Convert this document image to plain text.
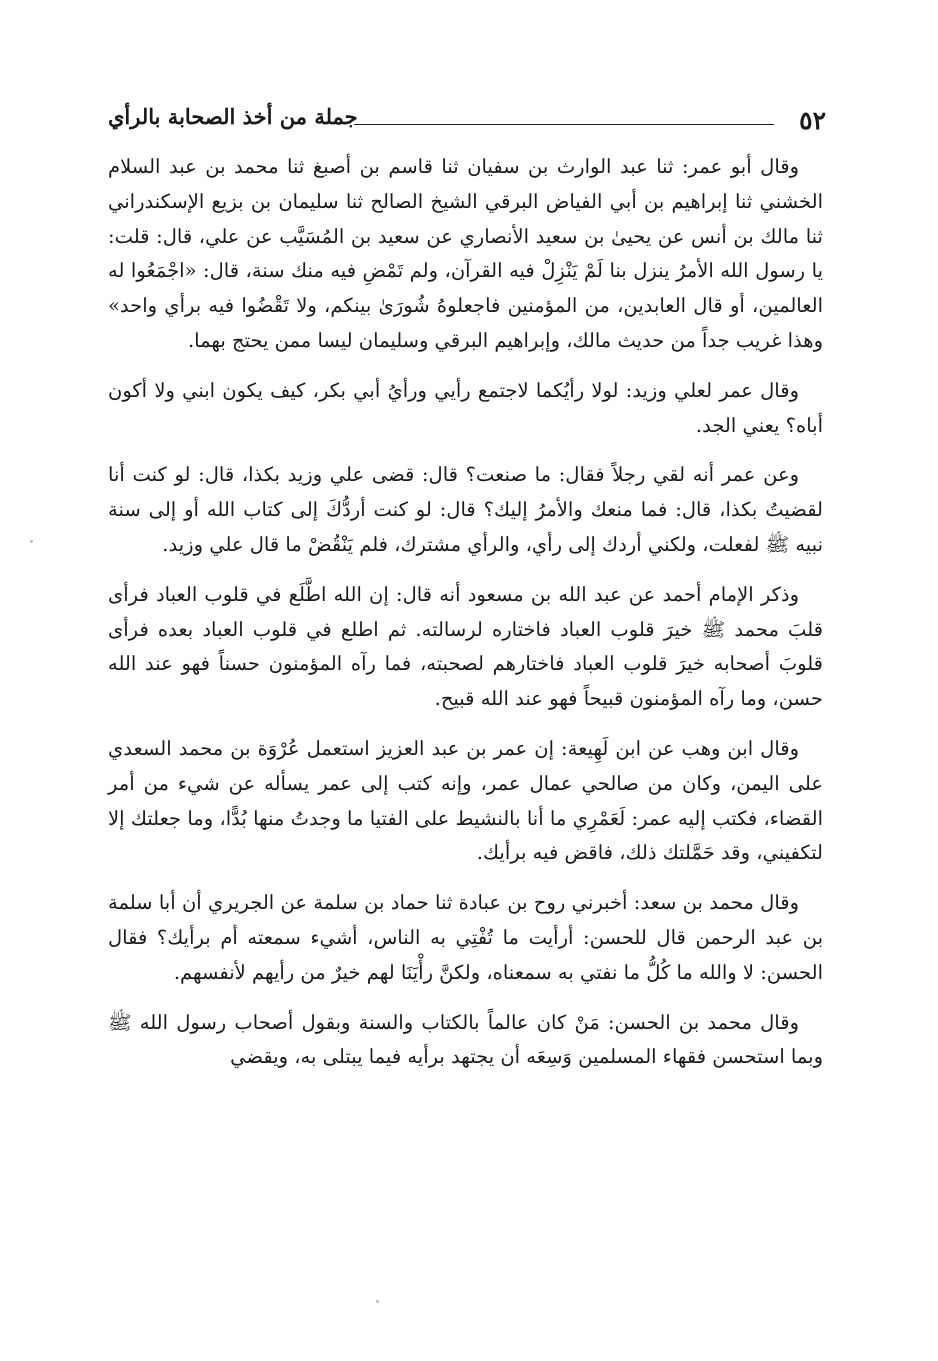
٥٢
جملة من أخذ الصحابة بالرأي

وقال أبو عمر: ثنا عبد الوارث بن سفيان ثنا قاسم بن أصبغ ثنا محمد بن عبد السلام الخشني ثنا إبراهيم بن أبي الفياض البرقي الشيخ الصالح ثنا سليمان بن بزيع الإسكندراني ثنا مالك بن أنس عن يحيىٰ بن سعيد الأنصاري عن سعيد بن المُسَيَّب عن علي، قال: قلت: يا رسول الله الأمرُ ينزل بنا لَمْ يَنْزِلْ فيه القرآن، ولم تَمْضِ فيه منك سنة، قال: «اجْمَعُوا له العالمين، أو قال العابدين، من المؤمنين فاجعلوهُ شُورَىٰ بينكم، ولا تَقْضُوا فيه برأي واحد» وهذا غريب جداً من حديث مالك، وإبراهيم البرقي وسليمان ليسا ممن يحتج بهما.

وقال عمر لعلي وزيد: لولا رأيُكما لاجتمع رأيي ورأيُ أبي بكر، كيف يكون ابني ولا أكون أباه؟ يعني الجد.

وعن عمر أنه لقي رجلاً فقال: ما صنعت؟ قال: قضى علي وزيد بكذا، قال: لو كنت أنا لقضيتُ بكذا، قال: فما منعك والأمرُ إليك؟ قال: لو كنت أردُّكَ إلى كتاب الله أو إلى سنة نبيه ﷺ لفعلت، ولكني أردك إلى رأي، والرأي مشترك، فلم يَنْقُضْ ما قال علي وزيد.

وذكر الإمام أحمد عن عبد الله بن مسعود أنه قال: إن الله اطَّلَع في قلوب العباد فرأى قلبَ محمد ﷺ خيرَ قلوب العباد فاختاره لرسالته. ثم اطلع في قلوب العباد بعده فرأى قلوبَ أصحابه خيرَ قلوب العباد فاختارهم لصحبته، فما رآه المؤمنون حسناً فهو عند الله حسن، وما رآه المؤمنون قبيحاً فهو عند الله قبيح.

وقال ابن وهب عن ابن لَهِيعة: إن عمر بن عبد العزيز استعمل عُرْوَة بن محمد السعدي على اليمن، وكان من صالحي عمال عمر، وإنه كتب إلى عمر يسأله عن شيء من أمر القضاء، فكتب إليه عمر: لَعَمْرِي ما أنا بالنشيط على الفتيا ما وجدتُ منها بُدًّا، وما جعلتك إلا لتكفيني، وقد حَمَّلتك ذلك، فاقض فيه برأيك.

وقال محمد بن سعد: أخبرني روح بن عبادة ثنا حماد بن سلمة عن الجريري أن أبا سلمة بن عبد الرحمن قال للحسن: أرأيت ما تُفْتِي به الناس، أشيء سمعته أم برأيك؟ فقال الحسن: لا والله ما كُلُّ ما نفتي به سمعناه، ولكنَّ رأْيَنَا لهم خيرٌ من رأيهم لأنفسهم.

وقال محمد بن الحسن: مَنْ كان عالماً بالكتاب والسنة وبقول أصحاب رسول الله ﷺ وبما استحسن فقهاء المسلمين وَسِعَه أن يجتهد برأيه فيما يبتلى به، ويقضي
